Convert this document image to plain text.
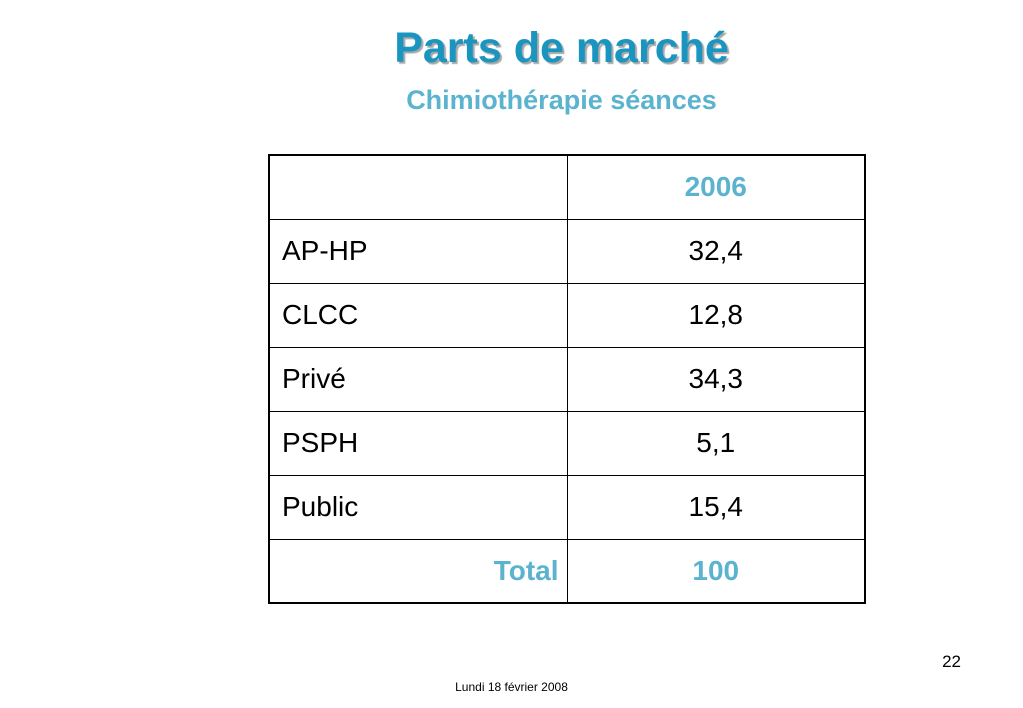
Parts de marché
Chimiothérapie séances
	2006
AP-HP	32,4
CLCC	12,8
Privé	34,3
PSPH	5,1
Public	15,4
Total	100
22
Lundi 18 février 2008
